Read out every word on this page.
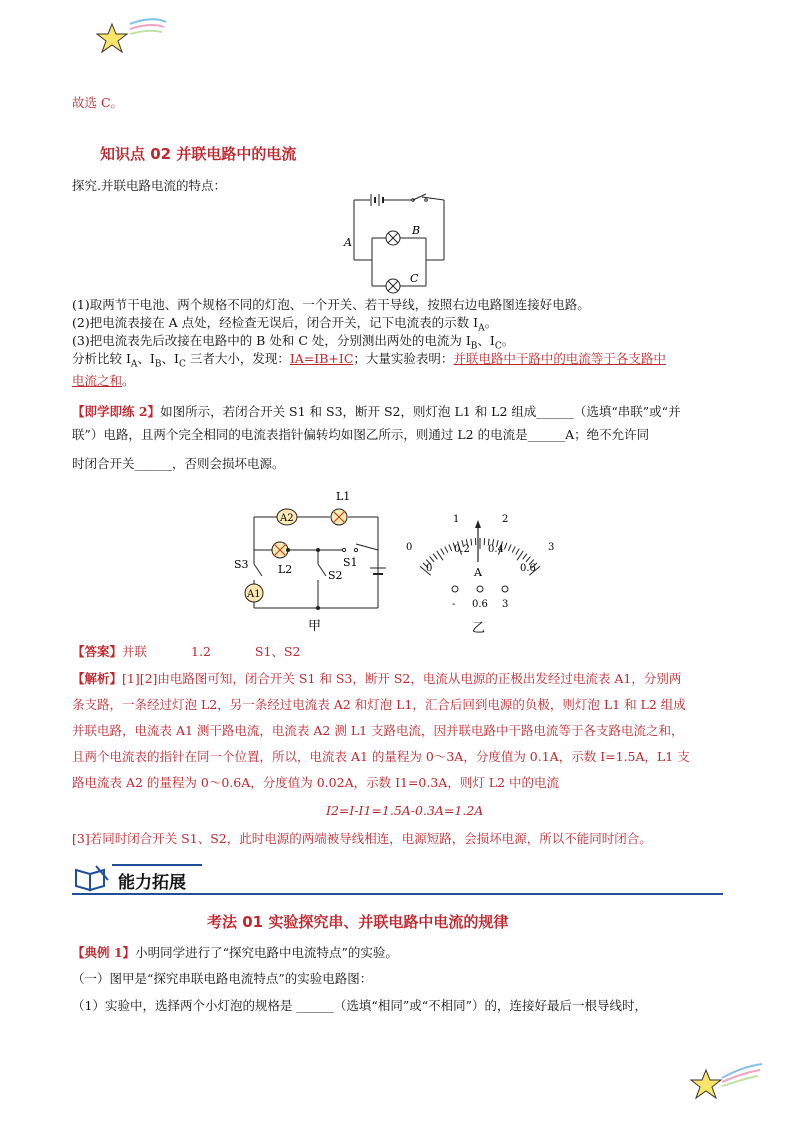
故选 C。
知识点 02 并联电路中的电流
探究.并联电路电流的特点：
A
B
C
(1)取两节干电池、两个规格不同的灯泡、一个开关、若干导线，按照右边电路图连接好电路。
(2)把电流表接在 A 点处，经检查无误后，闭合开关，记下电流表的示数 $I_A$。
(3)把电流表先后改接在电路中的 B 处和 C 处，分别测出两处的电流为 $I_B$、$I_C$。
分析比较 $I_A$、$I_B$、$I_C$ 三者大小，发现：IA=IB+IC；大量实验表明：并联电路中干路中的电流等于各支路中
电流之和。
【即学即练 2】如图所示，若闭合开关 S1 和 S3，断开 S2，则灯泡 L1 和 L2 组成______（选填“串联”或“并
联”）电路，且两个完全相同的电流表指针偏转均如图乙所示，则通过 L2 的电流是______A；绝不允许同
时闭合开关______，否则会损坏电源。
A2
A1
L1
L2
S1
S2
S3
甲
0
1	2
3
0
0.2 0.4
0.6
A
- 0.6 3
乙
【答案】并联	1.2	S1、S2
【解析】[1][2]由电路图可知，闭合开关 S1 和 S3，断开 S2，电流从电源的正极出发经过电流表 A1，分别两
条支路，一条经过灯泡 L2，另一条经过电流表 A2 和灯泡 L1，汇合后回到电源的负极，则灯泡 L1 和 L2 组成
并联电路，电流表 A1 测干路电流，电流表 A2 测 L1 支路电流，因并联电路中干路电流等于各支路电流之和，
且两个电流表的指针在同一个位置，所以，电流表 A1 的量程为 0～3A，分度值为 0.1A，示数 I=1.5A，L1 支
路电流表 A2 的量程为 0～0.6A，分度值为 0.02A，示数 I1=0.3A，则灯 L2 中的电流
I2=I-I1=1.5A-0.3A=1.2A
[3]若同时闭合开关 S1、S2，此时电源的两端被导线相连，电源短路，会损坏电源，所以不能同时闭合。
能力拓展
考法 01 实验探究串、并联电路中电流的规律
【典例 1】小明同学进行了“探究电路中电流特点”的实验。
（一）图甲是“探究串联电路电流特点”的实验电路图：
（1）实验中，选择两个小灯泡的规格是 ______（选填“相同”或“不相同”）的，连接好最后一根导线时，
